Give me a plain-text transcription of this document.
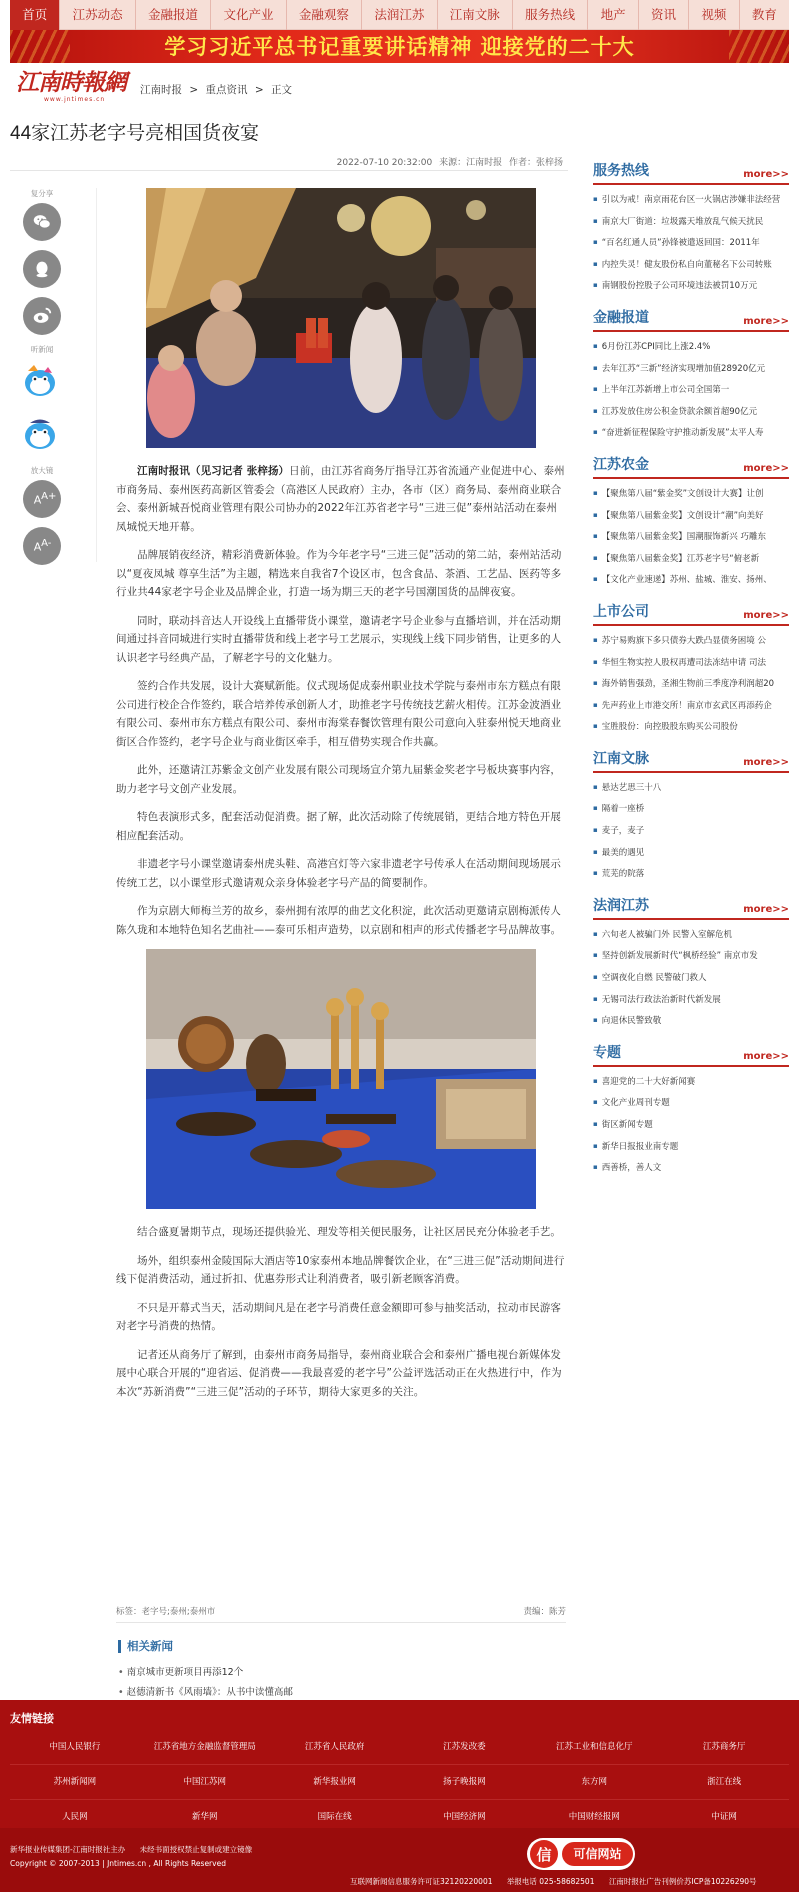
首页	江苏动态	金融报道	文化产业	金融观察	法润江苏	江南文脉	服务热线	地产	资讯	视频	教育
学习习近平总书记重要讲话精神 迎接党的二十大
江南時報網
www.jntimes.cn
江南时报 > 重点资讯 > 正文
44家江苏老字号亮相国货夜宴
2022-07-10 20:32:00 来源：江南时报 作者：张梓扬
复分享
听新闻

放大镜
A A+
A A-

江南时报讯（见习记者 张梓扬）日前，由江苏省商务厅指导江苏省流通产业促进中心、泰州市商务局、泰州医药高新区管委会（高港区人民政府）主办，各市（区）商务局、泰州商业联合会、泰州新城吾悦商业管理有限公司协办的2022年江苏省老字号“三进三促”泰州站活动在泰州凤城悦天地开幕。

品牌展销夜经济，精彩消费新体验。作为今年老字号“三进三促”活动的第二站，泰州站活动以“夏夜凤城 尊享生活”为主题，精选来自我省7个设区市，包含食品、茶酒、工艺品、医药等多行业共44家老字号企业及品牌企业，打造一场为期三天的老字号国潮国货的品牌夜宴。

同时，联动抖音达人开设线上直播带货小课堂，邀请老字号企业参与直播培训，并在活动期间通过抖音同城进行实时直播带货和线上老字号工艺展示，实现线上线下同步销售，让更多的人认识老字号经典产品，了解老字号的文化魅力。

签约合作共发展，设计大赛赋新能。仪式现场促成泰州职业技术学院与泰州市东方糕点有限公司进行校企合作签约，联合培养传承创新人才，助推老字号传统技艺薪火相传。江苏金波酒业有限公司、泰州市东方糕点有限公司、泰州市海棠春餐饮管理有限公司意向入驻泰州悦天地商业街区合作签约，老字号企业与商业街区牵手，相互借势实现合作共赢。

此外，还邀请江苏紫金文创产业发展有限公司现场宣介第九届紫金奖老字号板块赛事内容，助力老字号文创产业发展。

特色表演形式多，配套活动促消费。据了解，此次活动除了传统展销，更结合地方特色开展相应配套活动。

非遗老字号小课堂邀请泰州虎头鞋、高港宫灯等六家非遗老字号传承人在活动期间现场展示传统工艺，以小课堂形式邀请观众亲身体验老字号产品的简要制作。

作为京剧大师梅兰芳的故乡，泰州拥有浓厚的曲艺文化积淀，此次活动更邀请京剧梅派传人陈久珑和本地特色知名艺曲社——泰可乐相声造势，以京剧和相声的形式传播老字号品牌故事。

结合盛夏暑期节点，现场还提供验光、理发等相关便民服务，让社区居民充分体验老手艺。

场外，组织泰州金陵国际大酒店等10家泰州本地品牌餐饮企业，在“三进三促”活动期间进行线下促消费活动，通过折扣、优惠券形式让利消费者，吸引新老顾客消费。

不只是开幕式当天，活动期间凡是在老字号消费任意金额即可参与抽奖活动，拉动市民游客对老字号消费的热情。

记者还从商务厅了解到，由泰州市商务局指导，泰州商业联合会和泰州广播电视台新媒体发展中心联合开展的“迎省运、促消费——我最喜爱的老字号”公益评选活动正在火热进行中，作为本次“苏新消费”“三进三促”活动的子环节，期待大家更多的关注。

标签：老字号;泰州;泰州市	责编：陈芳
相关新闻
• 南京城市更新项目再添12个
• 赵德清新书《风雨墙》：从书中读懂高邮
服务热线	more>>
▪ 引以为戒！南京雨花台区一火锅店涉嫌非法经营
▪ 南京大厂街道：垃圾露天堆放乱气候天扰民
▪ “百名红通人员”孙锋被遣返回国：2011年
▪ 内控失灵！健友股份私自向董秘名下公司转账
▪ 南钢股份控股子公司环境违法被罚10万元
金融报道	more>>
▪ 6月份江苏CPI同比上涨2.4%
▪ 去年江苏“三新”经济实现增加值28920亿元
▪ 上半年江苏新增上市公司全国第一
▪ 江苏发放住房公积金贷款余额首超90亿元
▪ “奋进新征程保险守护推动新发展”太平人寿
江苏农金	more>>
▪ 【聚焦第八届“紫金奖”文创设计大赛】让创
▪ 【聚焦第八届紫金奖】文创设计“潮”向美好
▪ 【聚焦第八届紫金奖】国潮服饰新兴 巧雕东
▪ 【聚焦第八届紫金奖】江苏老字号“俯老新
▪ 【文化产业速递】苏州、盐城、淮安、扬州、
上市公司	more>>
▪ 苏宁易购旗下多只债券大跌凸显债务困境 公
▪ 华恒生物实控人股权再遭司法冻结申请 司法
▪ 海外销售强劲，圣湘生物前三季度净利润超20
▪ 先声药业上市港交所！南京市玄武区再添药企
▪ 宝胜股份：向控股股东购买公司股份
江南文脉	more>>
▪ 悬达艺思三十八
▪ 隔着一座桥
▪ 麦子，麦子
▪ 最美的遇见
▪ 荒芜的院落
法润江苏	more>>
▪ 六旬老人被骗门外 民警入室解危机
▪ 坚持创新发展新时代“枫桥经验” 南京市发
▪ 空调夜化自燃 民警破门救人
▪ 无锡司法行政法治新时代新发展
▪ 向退休民警致敬
专题	more>>
▪ 喜迎党的二十大好新闻赛
▪ 文化产业周刊专题
▪ 街区新闻专题
▪ 新华日报报业南专题
▪ 西善桥，善人文
友情链接
中国人民银行	江苏省地方金融监督管理局	江苏省人民政府	江苏发改委	江苏工业和信息化厅	江苏商务厅
苏州新闻网	中国江苏网	新华报业网	扬子晚报网	东方网	浙江在线
人民网	新华网	国际在线	中国经济网	中国财经报网	中证网
新华报业传媒集团-江南时报社主办 未经书面授权禁止复制或建立镜像
Copyright © 2007-2013 | Jntimes.cn , All Rights Reserved	信	可信网站
互联网新闻信息服务许可证32120220001 举报电话 025-58682501 江南时报社广告刊例价苏ICP备10226290号
